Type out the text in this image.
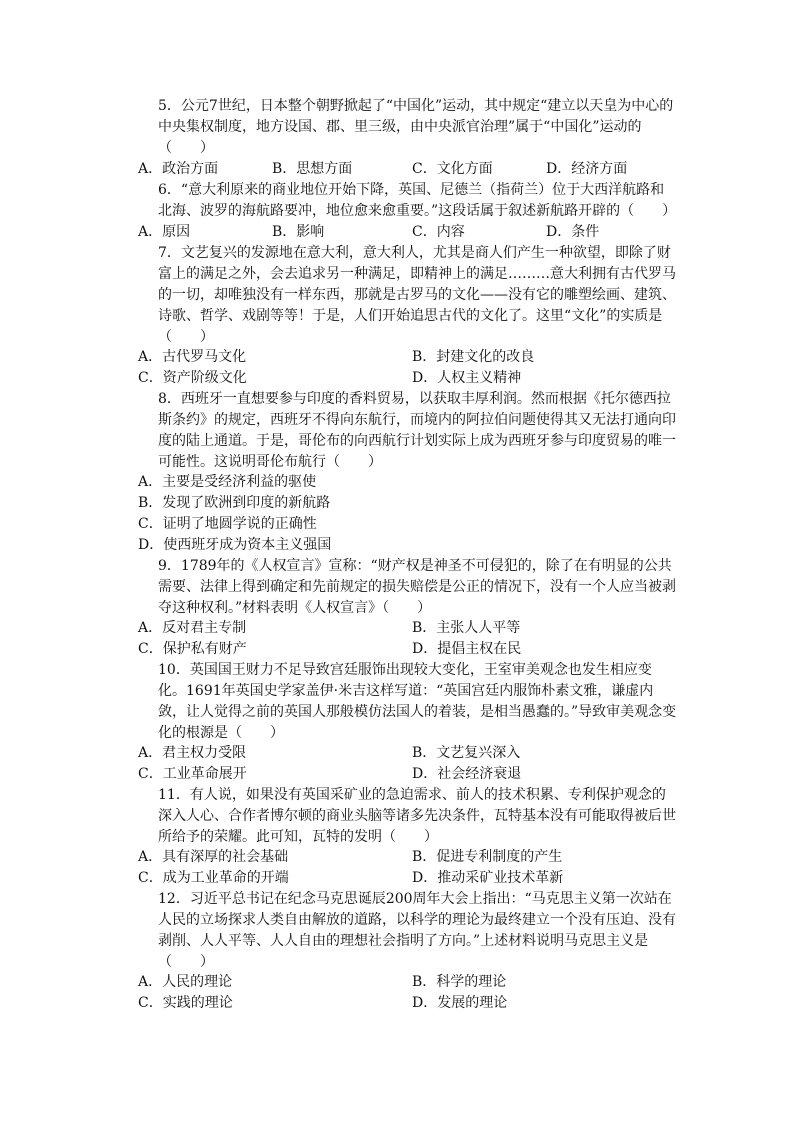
5．公元7世纪，日本整个朝野掀起了“中国化”运动，其中规定“建立以天皇为中心的中央集权制度，地方设国、郡、里三级，由中央派官治理”属于“中国化”运动的（　　）

A．政治方面	B．思想方面	C．文化方面	D．经济方面

6．“意大利原来的商业地位开始下降，英国、尼德兰（指荷兰）位于大西洋航路和北海、波罗的海航路要冲，地位愈来愈重要。”这段话属于叙述新航路开辟的（　　）

A．原因	B．影响	C．内容	D．条件

7．文艺复兴的发源地在意大利，意大利人，尤其是商人们产生一种欲望，即除了财富上的满足之外，会去追求另一种满足，即精神上的满足………意大利拥有古代罗马的一切，却唯独没有一样东西，那就是古罗马的文化——没有它的雕塑绘画、建筑、诗歌、哲学、戏剧等等！于是，人们开始追思古代的文化了。这里“文化”的实质是（　　）

A．古代罗马文化	B．封建文化的改良
C．资产阶级文化	D．人权主义精神

8．西班牙一直想要参与印度的香料贸易，以获取丰厚利润。然而根据《托尔德西拉斯条约》的规定，西班牙不得向东航行，而境内的阿拉伯问题使得其又无法打通向印度的陆上通道。于是，哥伦布的向西航行计划实际上成为西班牙参与印度贸易的唯一可能性。这说明哥伦布航行（　　）

A．主要是受经济利益的驱使
B．发现了欧洲到印度的新航路
C．证明了地圆学说的正确性
D．使西班牙成为资本主义强国

9．1789年的《人权宣言》宣称：“财产权是神圣不可侵犯的，除了在有明显的公共需要、法律上得到确定和先前规定的损失赔偿是公正的情况下，没有一个人应当被剥夺这种权利。”材料表明《人权宣言》（　　）

A．反对君主专制	B．主张人人平等
C．保护私有财产	D．提倡主权在民

10．英国国王财力不足导致宫廷服饰出现较大变化，王室审美观念也发生相应变化。1691年英国史学家盖伊·米吉这样写道：“英国宫廷内服饰朴素文雅，谦虚内敛，让人觉得之前的英国人那般模仿法国人的着装，是相当愚蠢的。”导致审美观念变化的根源是（　　）

A．君主权力受限	B．文艺复兴深入
C．工业革命展开	D．社会经济衰退

11．有人说，如果没有英国采矿业的急迫需求、前人的技术积累、专利保护观念的深入人心、合作者博尔顿的商业头脑等诸多先决条件，瓦特基本没有可能取得被后世所给予的荣耀。此可知，瓦特的发明（　　）

A．具有深厚的社会基础	B．促进专利制度的产生
C．成为工业革命的开端	D．推动采矿业技术革新

12．习近平总书记在纪念马克思诞辰200周年大会上指出：“马克思主义第一次站在人民的立场探求人类自由解放的道路，以科学的理论为最终建立一个没有压迫、没有剥削、人人平等、人人自由的理想社会指明了方向。”上述材料说明马克思主义是（　　）

A．人民的理论	B．科学的理论
C．实践的理论	D．发展的理论
